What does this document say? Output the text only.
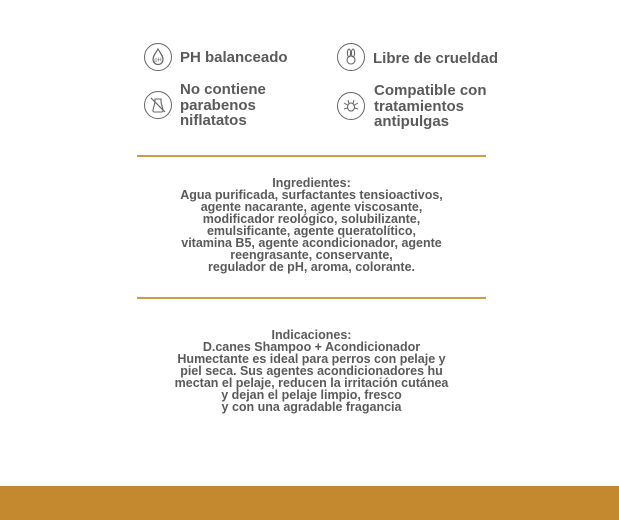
pH PH balanceado	Libre de crueldad
No contiene
parabenos
niflatatos
Compatible con
tratamientos
antipulgas
Ingredientes:
Agua purificada, surfactantes tensioactivos,
agente nacarante, agente viscosante,
modificador reológico, solubilizante,
emulsificante, agente queratolítico,
vitamina B5, agente acondicionador, agente
reengrasante, conservante,
regulador de pH, aroma, colorante.
Indicaciones:
D.canes Shampoo + Acondicionador
Humectante es ideal para perros con pelaje y
piel seca. Sus agentes acondicionadores hu
mectan el pelaje, reducen la irritación cutánea
y dejan el pelaje limpio, fresco
y con una agradable fragancia
